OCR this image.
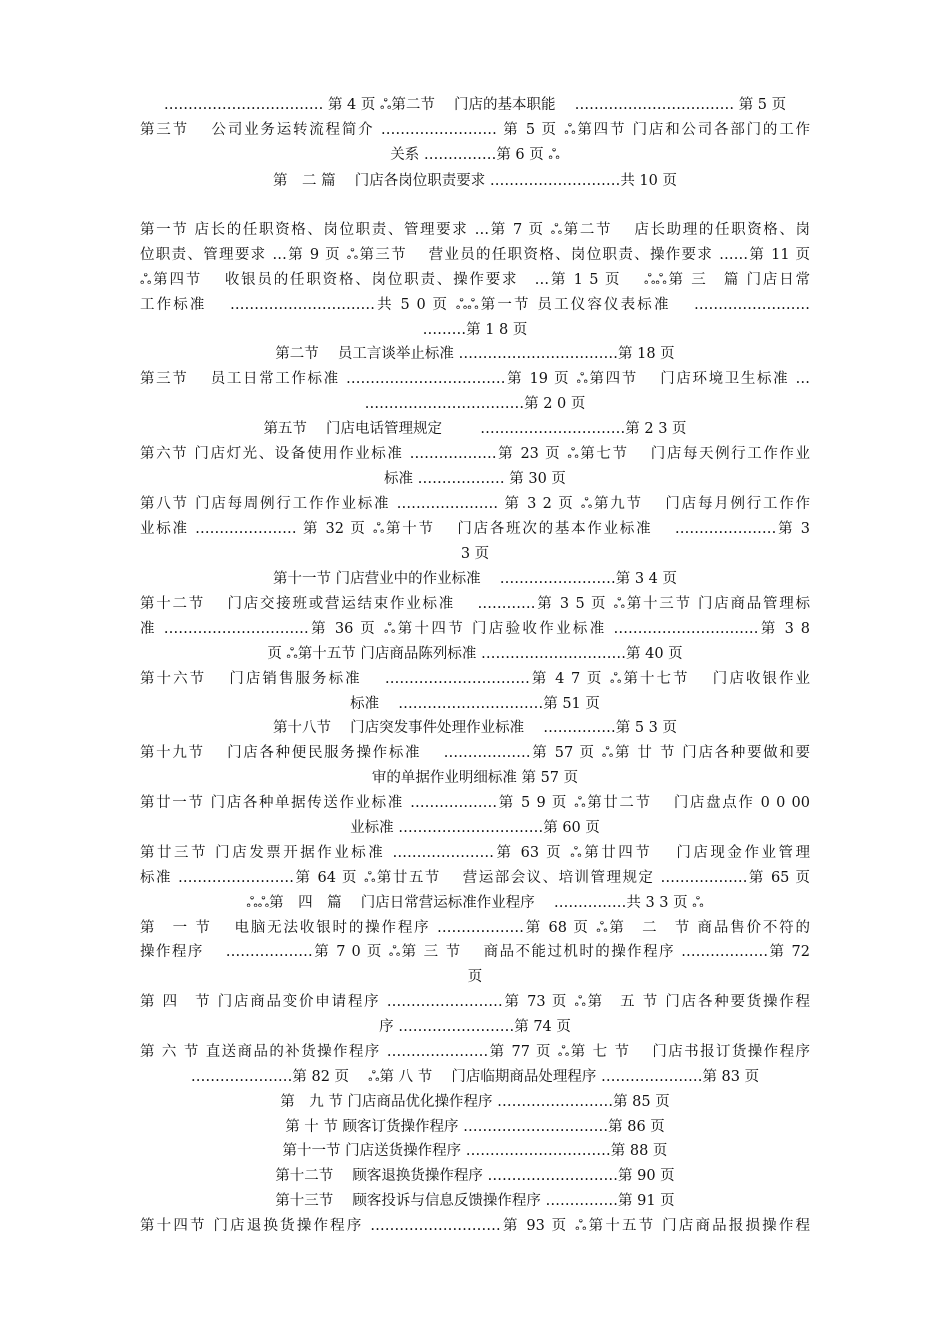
…………………………… 第 4 页 ஃ第二节　 门店的基本职能　 …………………………… 第 5 页
第三节　 公司业务运转流程简介 …………………… 第 5 页 ஃ第四节 门店和公司各部门的工作
关系 ……………第 6 页 ஃ
第　二 篇　 门店各岗位职责要求 ………………………共 10 页
第一节 店长的任职资格、岗位职责、管理要求 …第 7 页 ஃ第二节　 店长助理的任职资格、岗
位职责、管理要求 …第 9 页 ஃ第三节　 营业员的任职资格、岗位职责、操作要求 ……第 11 页
ஃ第四节　 收银员的任职资格、岗位职责、操作要求　…第 1 5 页　 ஃஃ第 三　篇 门店日常
工作标准　 …………………………共 5 0 页 ஃஃ第一节 员工仪容仪表标准　 ……………………
………第 1 8 页
第二节　 员工言谈举止标准 ……………………………第 18 页
第三节　 员工日常工作标准 ……………………………第 19 页 ஃ第四节　 门店环境卫生标准 …
……………………………第 2 0 页
第五节　 门店电话管理规定　 　 …………………………第 2 3 页
第六节 门店灯光、设备使用作业标准 ………………第 23 页 ஃ第七节　 门店每天例行工作作业
标准 ……………… 第 30 页
第八节 门店每周例行工作作业标准 ………………… 第 3 2 页 ஃ第九节　 门店每月例行工作作
业标准 ………………… 第 32 页 ஃ第十节　 门店各班次的基本作业标准　 …………………第 3
3 页
第十一节 门店营业中的作业标准　 ……………………第 3 4 页
第十二节　 门店交接班或营运结束作业标准　 …………第 3 5 页 ஃ第十三节 门店商品管理标
准 …………………………第 36 页 ஃ第十四节 门店验收作业标准 …………………………第 3 8
页 ஃ第十五节 门店商品陈列标准 …………………………第 40 页
第十六节　 门店销售服务标准　 …………………………第 4 7 页 ஃ第十七节　 门店收银作业
标准　 …………………………第 51 页
第十八节　 门店突发事件处理作业标准　 ……………第 5 3 页
第十九节　 门店各种便民服务操作标准　 ………………第 57 页 ஃ第 廿 节 门店各种要做和要
审的单据作业明细标准 第 57 页
第廿一节 门店各种单据传送作业标准 ………………第 5 9 页 ஃ第廿二节　 门店盘点作 0 0 00
业标准 …………………………第 60 页
第廿三节 门店发票开据作业标准 …………………第 63 页 ஃ第廿四节　 门店现金作业管理
标准 ……………………第 64 页 ஃ第廿五节　 营运部会议、培训管理规定 ………………第 65 页
ஃஃ第　四　篇　 门店日常营运标准作业程序　 ……………共 3 3 页 ஃ
第　一 节　 电脑无法收银时的操作程序 ………………第 68 页 ஃ第　二　节 商品售价不符的
操作程序　 ………………第 7 0 页 ஃ第 三 节　 商品不能过机时的操作程序 ………………第 72
页
第 四　节 门店商品变价申请程序 ……………………第 73 页 ஃ第　五 节 门店各种要货操作程
序 ……………………第 74 页
第 六 节 直送商品的补货操作程序 …………………第 77 页 ஃ第 七 节　 门店书报订货操作程序
…………………第 82 页　 ஃ第 八 节　 门店临期商品处理程序 …………………第 83 页
第　九 节 门店商品优化操作程序 ……………………第 85 页
第 十 节 顾客订货操作程序 …………………………第 86 页
第十一节 门店送货操作程序 …………………………第 88 页
第十二节　 顾客退换货操作程序 ………………………第 90 页
第十三节　 顾客投诉与信息反馈操作程序 ……………第 91 页
第十四节 门店退换货操作程序 ………………………第 93 页 ஃ第十五节 门店商品报损操作程
